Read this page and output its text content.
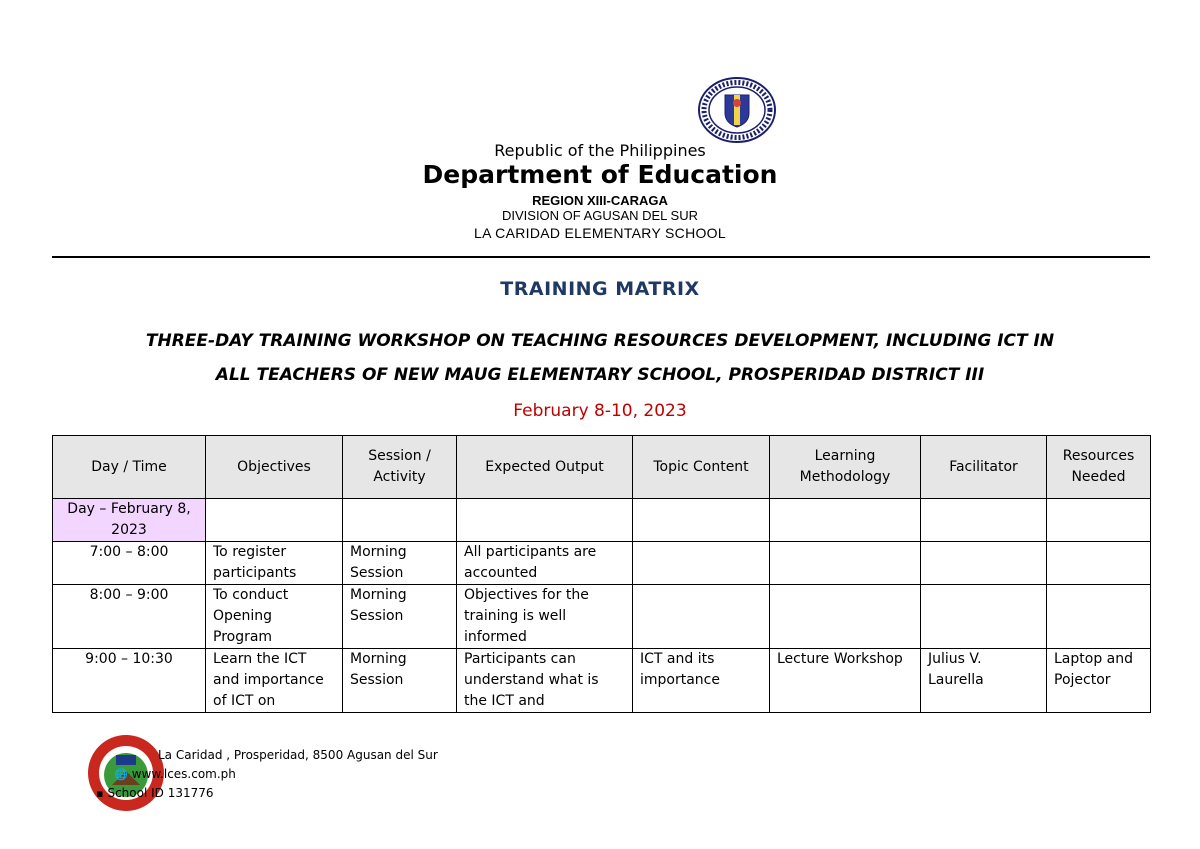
Republic of the Philippines
Department of Education
REGION XIII-CARAGA
DIVISION OF AGUSAN DEL SUR
LA CARIDAD ELEMENTARY SCHOOL
TRAINING MATRIX
THREE-DAY TRAINING WORKSHOP ON TEACHING RESOURCES DEVELOPMENT, INCLUDING ICT IN
ALL TEACHERS OF NEW MAUG ELEMENTARY SCHOOL, PROSPERIDAD DISTRICT III
February 8-10, 2023
Day / Time	Objectives	Session / Activity	Expected Output	Topic Content	Learning Methodology	Facilitator	Resources Needed
Day – February 8, 2023							
7:00 – 8:00	To register participants	Morning Session	All participants are accounted				
8:00 – 9:00	To conduct Opening Program	Morning Session	Objectives for the training is well informed				
9:00 – 10:30	Learn the ICT and importance of ICT on	Morning Session	Participants can understand what is the ICT and	ICT and its importance	Lecture Workshop	Julius V. Laurella	Laptop and Pojector
La Caridad , Prosperidad, 8500 Agusan del Sur
🌐 www.lces.com.ph
▪ School ID 131776
